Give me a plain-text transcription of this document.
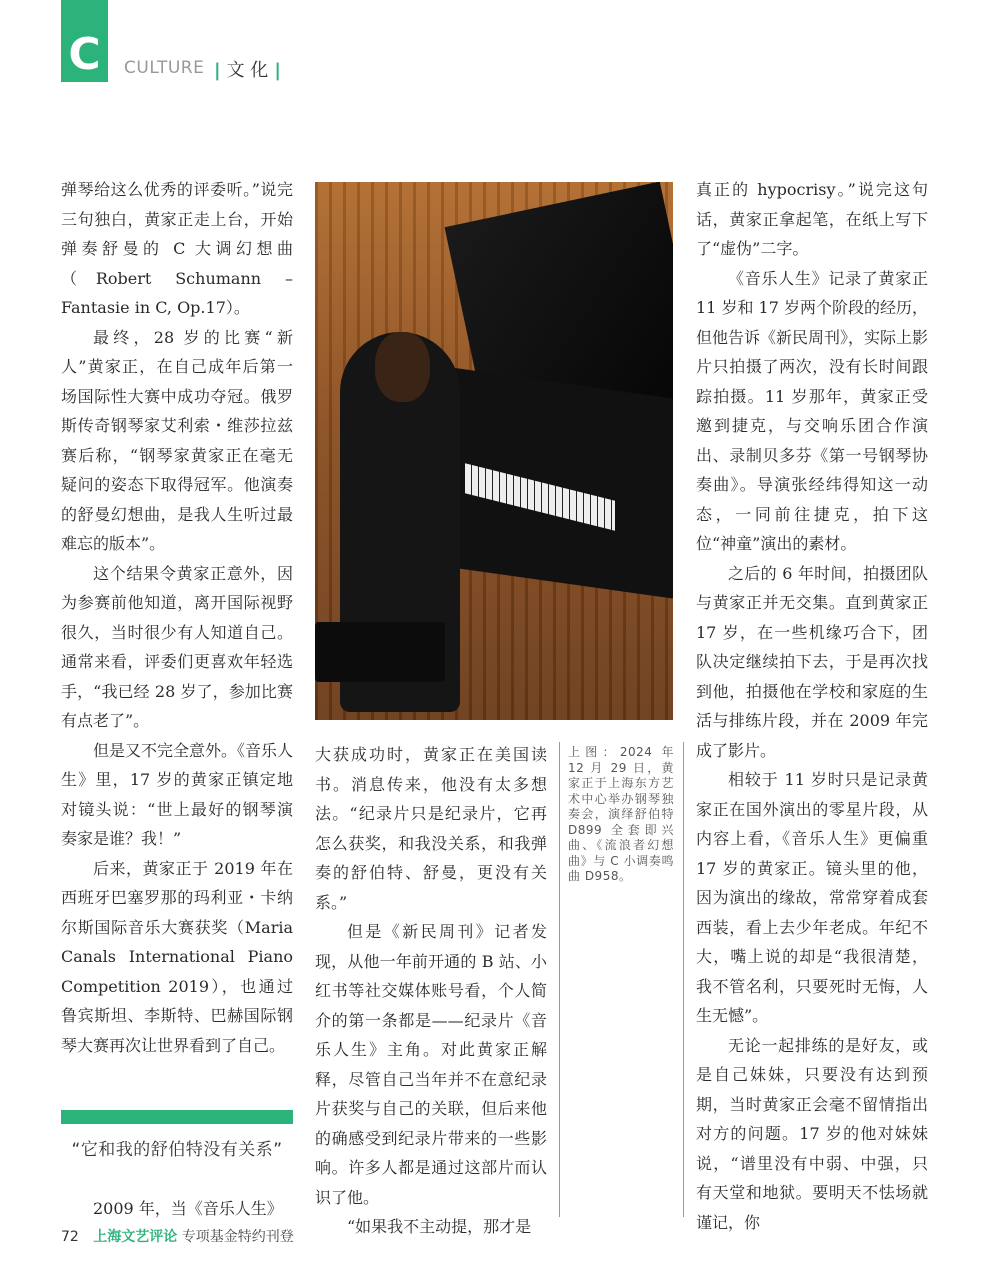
C CULTURE | 文 化 |

弹琴给这么优秀的评委听。”说完三句独白，黄家正走上台，开始弹奏舒曼的 C 大调幻想曲（Robert Schumann – Fantasie in C, Op.17）。

最终，28 岁的比赛“新人”黄家正，在自己成年后第一场国际性大赛中成功夺冠。俄罗斯传奇钢琴家艾利索・维莎拉兹赛后称，“钢琴家黄家正在毫无疑问的姿态下取得冠军。他演奏的舒曼幻想曲，是我人生听过最难忘的版本”。

这个结果令黄家正意外，因为参赛前他知道，离开国际视野很久，当时很少有人知道自己。通常来看，评委们更喜欢年轻选手，“我已经 28 岁了，参加比赛有点老了”。

但是又不完全意外。《音乐人生》里，17 岁的黄家正镇定地对镜头说：“世上最好的钢琴演奏家是谁？我！”

后来，黄家正于 2019 年在西班牙巴塞罗那的玛利亚・卡纳尔斯国际音乐大赛获奖（Maria Canals International Piano Competition 2019），也通过鲁宾斯坦、李斯特、巴赫国际钢琴大赛再次让世界看到了自己。

“它和我的舒伯特没有关系”
2009 年，当《音乐人生》

大获成功时，黄家正在美国读书。消息传来，他没有太多想法。“纪录片只是纪录片，它再怎么获奖，和我没关系，和我弹奏的舒伯特、舒曼，更没有关系。”

但是《新民周刊》记者发现，从他一年前开通的 B 站、小红书等社交媒体账号看，个人简介的第一条都是——纪录片《音乐人生》主角。对此黄家正解释，尽管自己当年并不在意纪录片获奖与自己的关联，但后来他的确感受到纪录片带来的一些影响。许多人都是通过这部片而认识了他。

“如果我不主动提，那才是

上图：2024 年 12 月 29 日，黄家正于上海东方艺术中心举办钢琴独奏会，演绎舒伯特 D899 全套即兴曲、《流浪者幻想曲》与 C 小调奏鸣曲 D958。

真正的 hypocrisy。”说完这句话，黄家正拿起笔，在纸上写下了“虚伪”二字。

《音乐人生》记录了黄家正 11 岁和 17 岁两个阶段的经历，但他告诉《新民周刊》，实际上影片只拍摄了两次，没有长时间跟踪拍摄。11 岁那年，黄家正受邀到捷克，与交响乐团合作演出、录制贝多芬《第一号钢琴协奏曲》。导演张经纬得知这一动态，一同前往捷克，拍下这位“神童”演出的素材。

之后的 6 年时间，拍摄团队与黄家正并无交集。直到黄家正 17 岁，在一些机缘巧合下，团队决定继续拍下去，于是再次找到他，拍摄他在学校和家庭的生活与排练片段，并在 2009 年完成了影片。

相较于 11 岁时只是记录黄家正在国外演出的零星片段，从内容上看，《音乐人生》更偏重 17 岁的黄家正。镜头里的他，因为演出的缘故，常常穿着成套西装，看上去少年老成。年纪不大，嘴上说的却是“我很清楚，我不管名利，只要死时无悔，人生无憾”。

无论一起排练的是好友，或是自己妹妹，只要没有达到预期，当时黄家正会毫不留情指出对方的问题。17 岁的他对妹妹说，“谱里没有中弱、中强，只有天堂和地狱。要明天不怯场就谨记，你

72 上海文艺评论 专项基金特约刊登
